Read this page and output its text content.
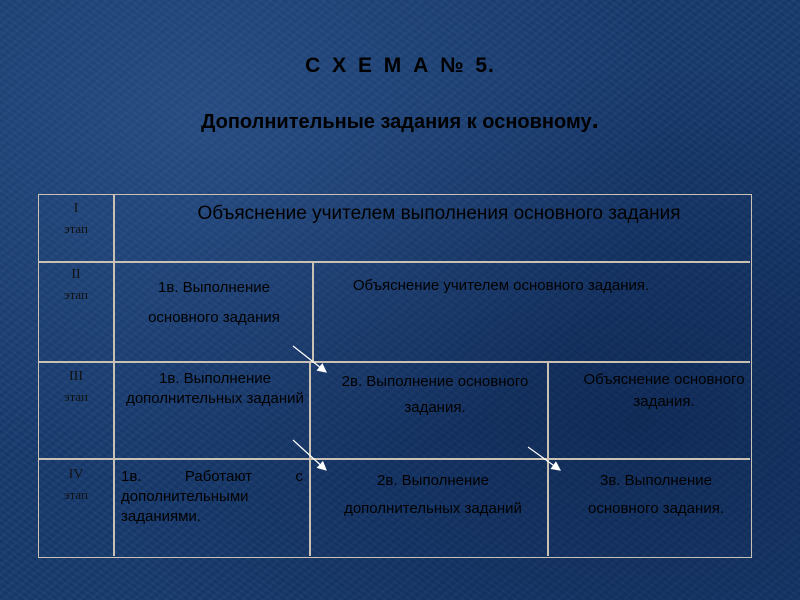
С Х Е М А № 5.
Дополнительные задания к основному.
I
этап
Объяснение учителем выполнения основного задания
II
этап	1в. Выполнение основного задания
Объяснение учителем основного задания.
III
этап
1в. Выполнение дополнительных заданий
2в. Выполнение основного задания.
Объяснение основного задания.
IV
этап
1в. Работают с дополнительными заданиями.
2в. Выполнение дополнительных заданий
3в. Выполнение основного задания.
